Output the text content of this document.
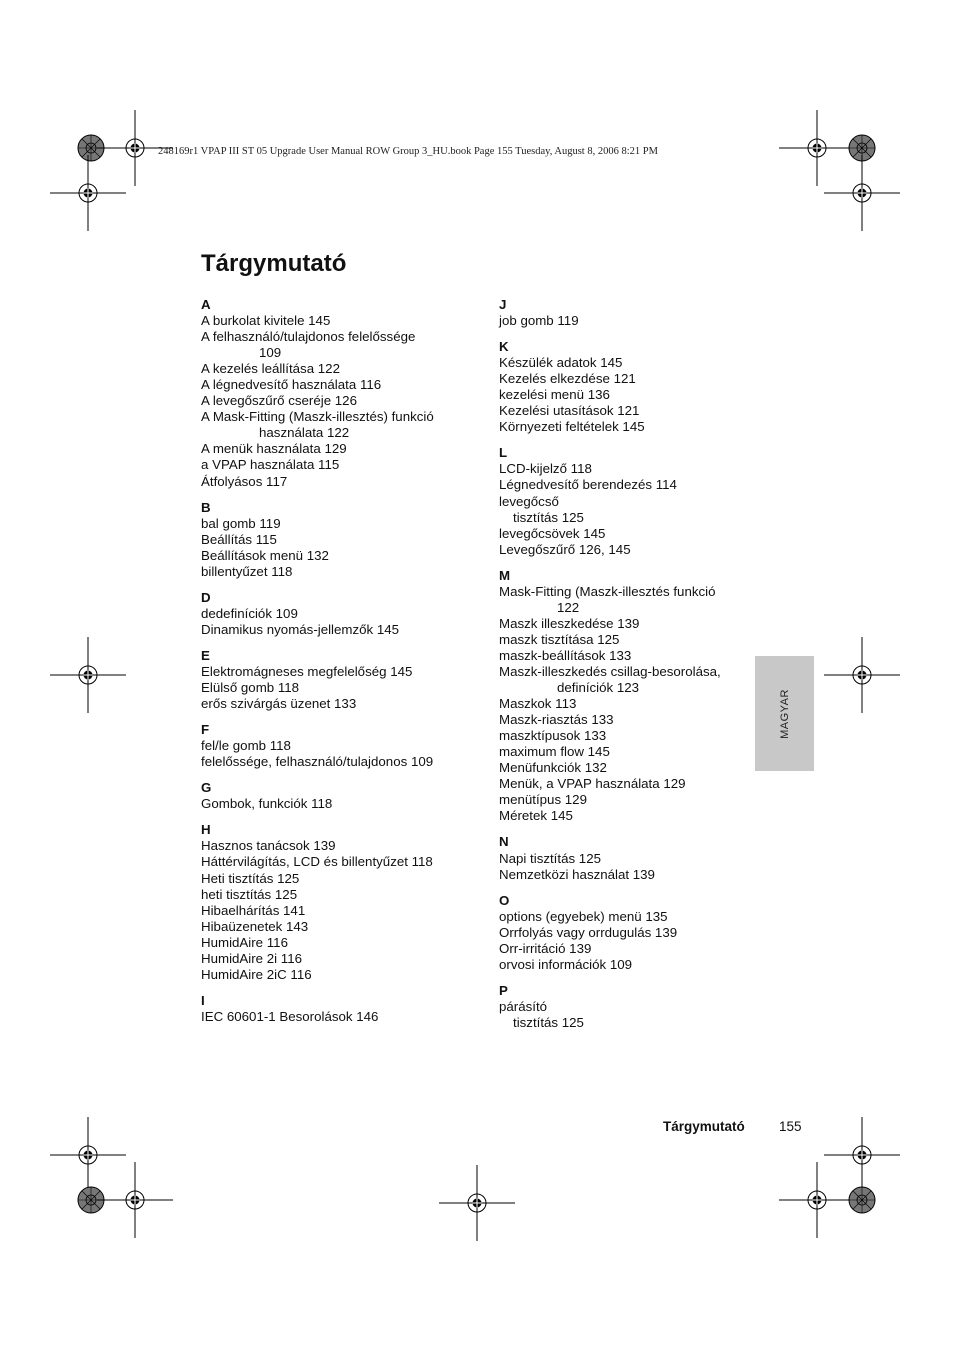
248169r1 VPAP III ST 05 Upgrade User Manual ROW Group 3_HU.book Page 155 Tuesday, August 8, 2006 8:21 PM
Tárgymutató
A
A burkolat kivitele 145
A felhasználó/tulajdonos felelőssége
109
A kezelés leállítása 122
A légnedvesítő használata 116
A levegőszűrő cseréje 126
A Mask-Fitting (Maszk-illesztés) funkció
használata 122
A menük használata 129
a VPAP használata 115
Átfolyásos 117
B
bal gomb 119
Beállítás 115
Beállítások menü 132
billentyűzet 118
D
dedefiníciók 109
Dinamikus nyomás-jellemzők 145
E
Elektromágneses megfelelőség 145
Elülső gomb 118
erős szivárgás üzenet 133
F
fel/le gomb 118
felelőssége, felhasználó/tulajdonos 109
G
Gombok, funkciók 118
H
Hasznos tanácsok 139
Háttérvilágítás, LCD és billentyűzet 118
Heti tisztítás 125
heti tisztítás 125
Hibaelhárítás 141
Hibaüzenetek 143
HumidAire 116
HumidAire 2i 116
HumidAire 2iC 116
I
IEC 60601-1 Besorolások 146
J
job gomb 119
K
Készülék adatok 145
Kezelés elkezdése 121
kezelési menü 136
Kezelési utasítások 121
Környezeti feltételek 145
L
LCD-kijelző 118
Légnedvesítő berendezés 114
levegőcső
tisztítás 125
levegőcsövek 145
Levegőszűrő 126, 145
M
Mask-Fitting (Maszk-illesztés funkció
122
Maszk illeszkedése 139
maszk tisztítása 125
maszk-beállítások 133
Maszk-illeszkedés csillag-besorolása,
definíciók 123
Maszkok 113
Maszk-riasztás 133
maszktípusok 133
maximum flow 145
Menüfunkciók 132
Menük, a VPAP használata 129
menütípus 129
Méretek 145
N
Napi tisztítás 125
Nemzetközi használat 139
O
options (egyebek) menü 135
Orrfolyás vagy orrdugulás 139
Orr-irritáció 139
orvosi információk 109
P
párásító
tisztítás 125
MAGYAR
Tárgymutató	155
